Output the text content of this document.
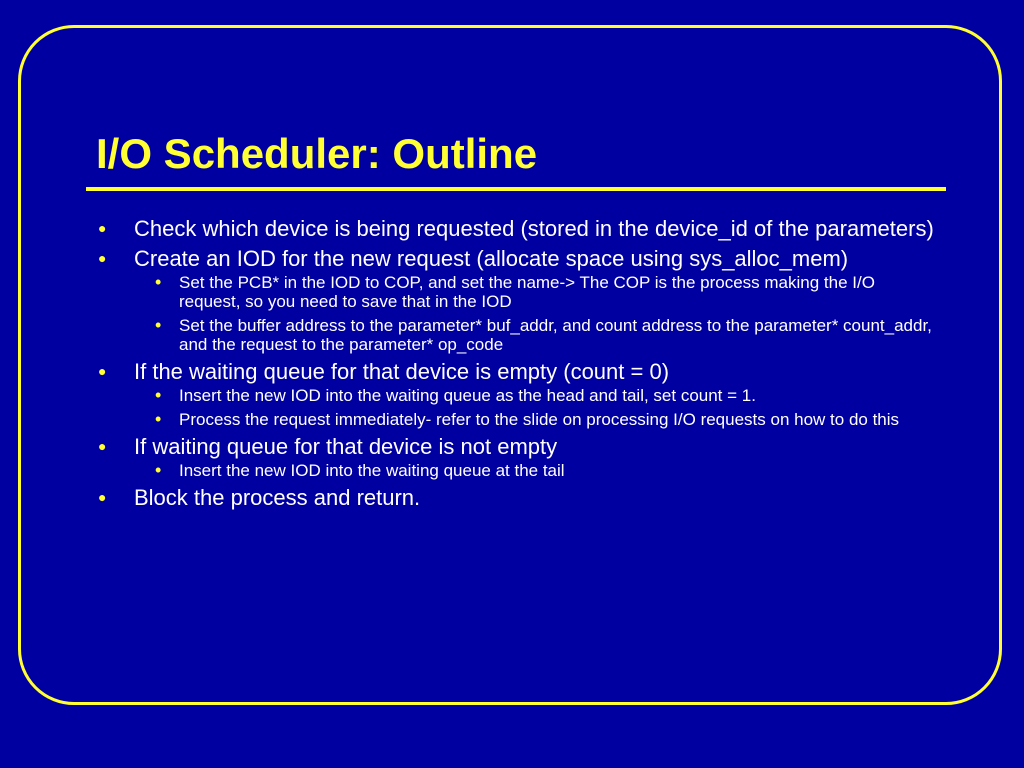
I/O Scheduler: Outline
● Check which device is being requested (stored in the device_id of the parameters)
● Create an IOD for the new request (allocate space using sys_alloc_mem)
• Set the PCB* in the IOD to COP, and set the name-> The COP is the process making the I/O request, so you need to save that in the IOD
• Set the buffer address to the parameter* buf_addr, and count address to the parameter* count_addr, and the request to the parameter* op_code
● If the waiting queue for that device is empty (count = 0)
• Insert the new IOD into the waiting queue as the head and tail, set count = 1.
• Process the request immediately- refer to the slide on processing I/O requests on how to do this
● If waiting queue for that device is not empty
• Insert the new IOD into the waiting queue at the tail
● Block the process and return.
